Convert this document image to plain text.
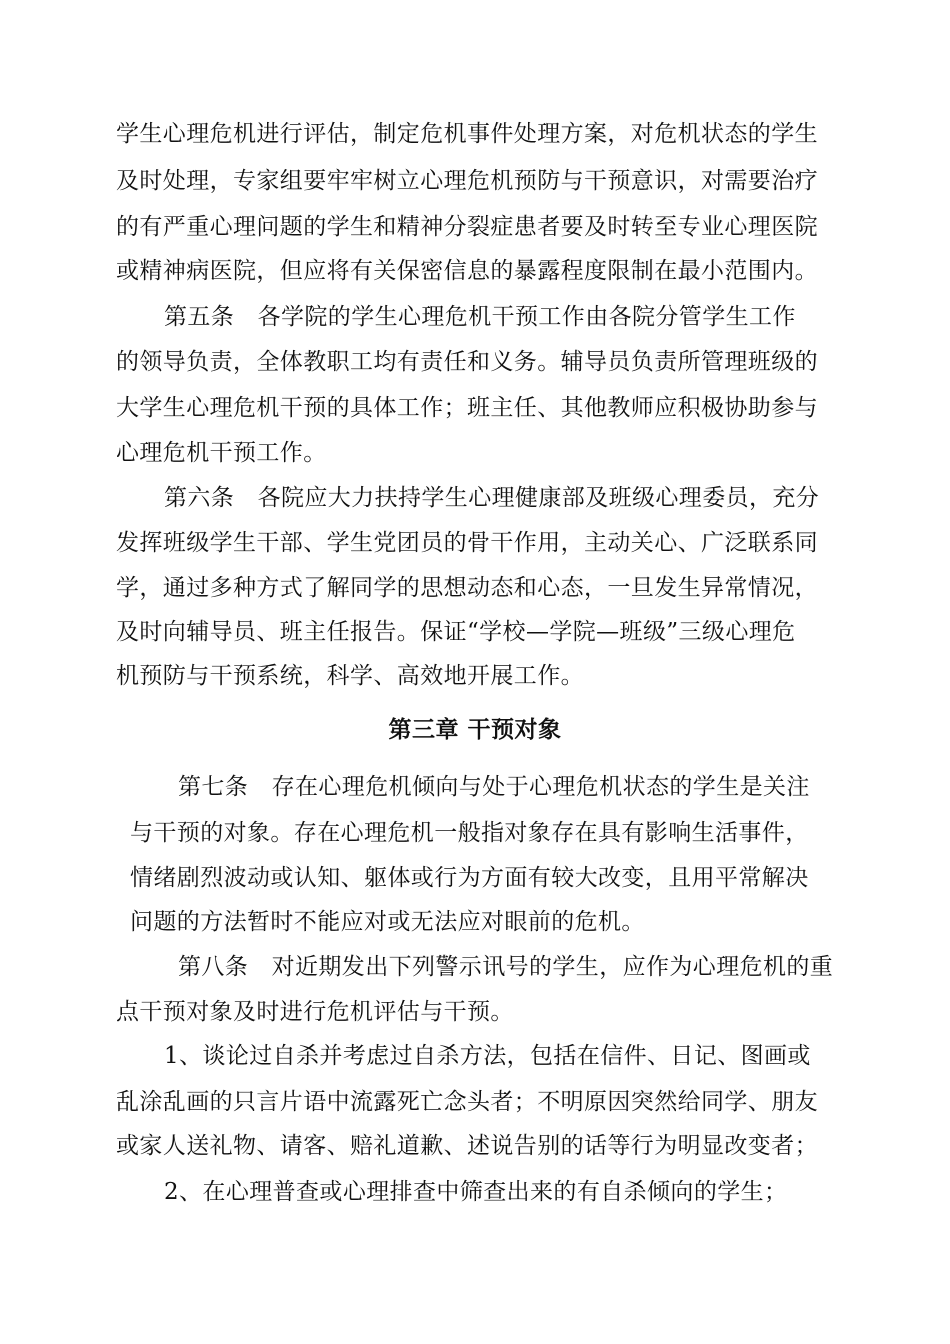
学生心理危机进行评估，制定危机事件处理方案，对危机状态的学生
及时处理，专家组要牢牢树立心理危机预防与干预意识，对需要治疗
的有严重心理问题的学生和精神分裂症患者要及时转至专业心理医院
或精神病医院，但应将有关保密信息的暴露程度限制在最小范围内。
第五条　各学院的学生心理危机干预工作由各院分管学生工作
的领导负责，全体教职工均有责任和义务。辅导员负责所管理班级的
大学生心理危机干预的具体工作；班主任、其他教师应积极协助参与
心理危机干预工作。
第六条　各院应大力扶持学生心理健康部及班级心理委员，充分
发挥班级学生干部、学生党团员的骨干作用，主动关心、广泛联系同
学，通过多种方式了解同学的思想动态和心态，一旦发生异常情况，
及时向辅导员、班主任报告。保证“学校—学院—班级”三级心理危
机预防与干预系统，科学、高效地开展工作。
第三章 干预对象
第七条　存在心理危机倾向与处于心理危机状态的学生是关注
与干预的对象。存在心理危机一般指对象存在具有影响生活事件，
情绪剧烈波动或认知、躯体或行为方面有较大改变，且用平常解决
问题的方法暂时不能应对或无法应对眼前的危机。
第八条　对近期发出下列警示讯号的学生，应作为心理危机的重
点干预对象及时进行危机评估与干预。
1、谈论过自杀并考虑过自杀方法，包括在信件、日记、图画或
乱涂乱画的只言片语中流露死亡念头者；不明原因突然给同学、朋友
或家人送礼物、请客、赔礼道歉、述说告别的话等行为明显改变者；
2、在心理普查或心理排查中筛查出来的有自杀倾向的学生；
